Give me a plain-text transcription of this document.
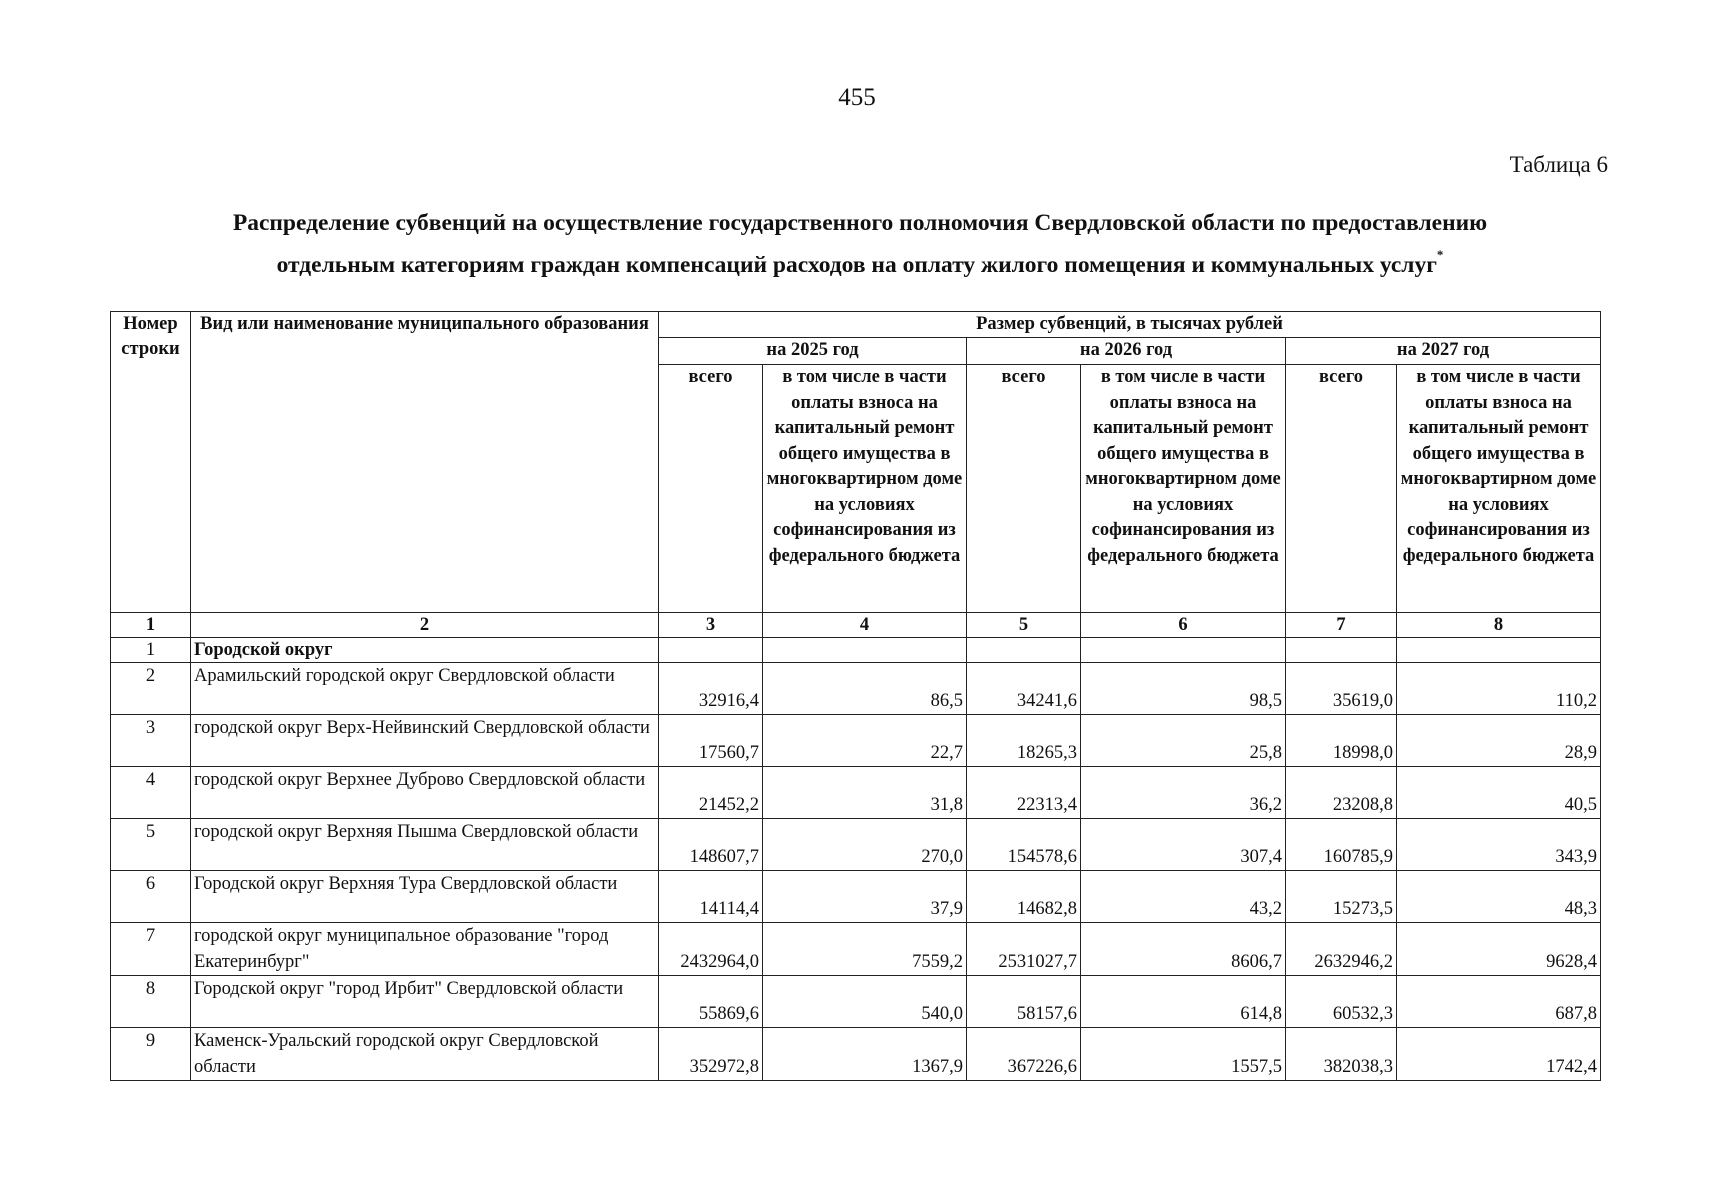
455
Таблица 6
Распределение субвенций на осуществление государственного полномочия Свердловской области по предоставлению
отдельным категориям граждан компенсаций расходов на оплату жилого помещения и коммунальных услуг*
Номер строки	Вид или наименование муниципального образования	Размер субвенций, в тысячах рублей					
		на 2025 год		на 2026 год		на 2027 год	
		всего	в том числе в части оплаты взноса на капитальный ремонт общего имущества в многоквартирном доме на условиях софинансирования из федерального бюджета	всего	в том числе в части оплаты взноса на капитальный ремонт общего имущества в многоквартирном доме на условиях софинансирования из федерального бюджета	всего	в том числе в части оплаты взноса на капитальный ремонт общего имущества в многоквартирном доме на условиях софинансирования из федерального бюджета
1	2	3	4	5	6	7	8
1	Городской округ						
2	Арамильский городской округ Свердловской области	32916,4	86,5	34241,6	98,5	35619,0	110,2
3	городской округ Верх-Нейвинский Свердловской области	17560,7	22,7	18265,3	25,8	18998,0	28,9
4	городской округ Верхнее Дуброво Свердловской области	21452,2	31,8	22313,4	36,2	23208,8	40,5
5	городской округ Верхняя Пышма Свердловской области	148607,7	270,0	154578,6	307,4	160785,9	343,9
6	Городской округ Верхняя Тура Свердловской области	14114,4	37,9	14682,8	43,2	15273,5	48,3
7	городской округ муниципальное образование "город Екатеринбург"	2432964,0	7559,2	2531027,7	8606,7	2632946,2	9628,4
8	Городской округ "город Ирбит" Свердловской области	55869,6	540,0	58157,6	614,8	60532,3	687,8
9	Каменск-Уральский городской округ Свердловской области	352972,8	1367,9	367226,6	1557,5	382038,3	1742,4
